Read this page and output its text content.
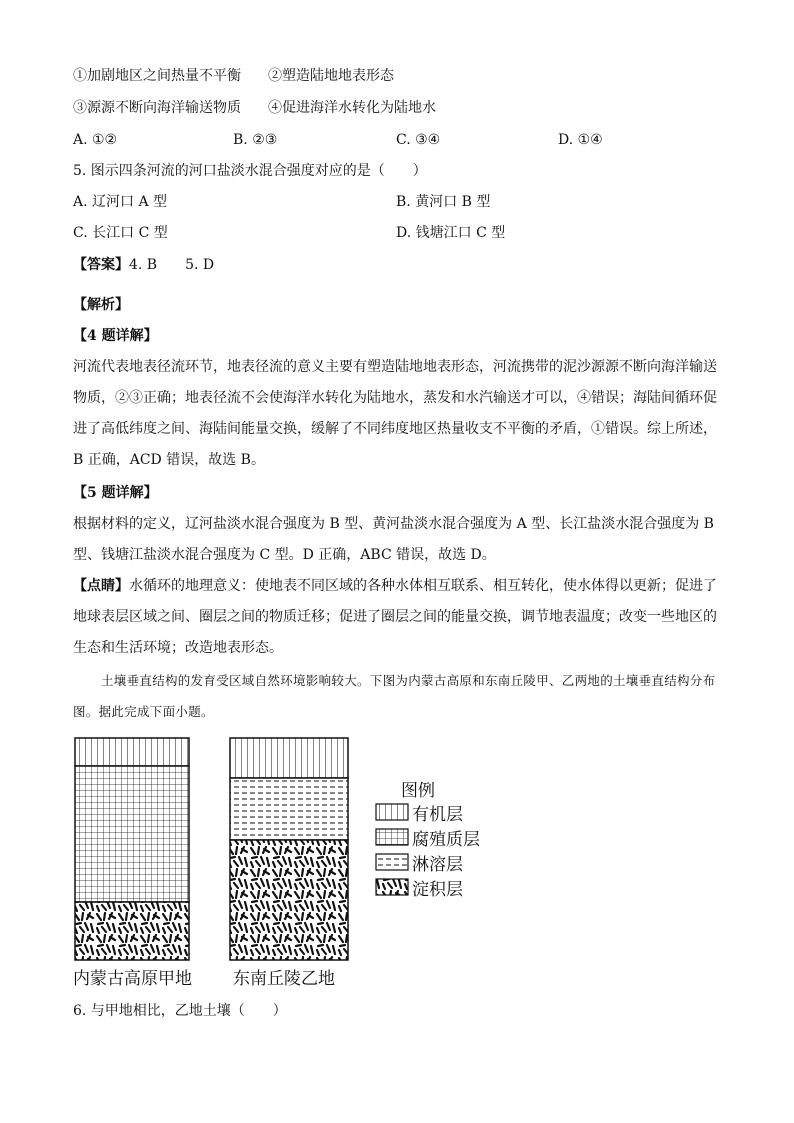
①加剧地区之间热量不平衡 ②塑造陆地地表形态
③源源不断向海洋输送物质 ④促进海洋水转化为陆地水
A. ①②	B. ②③	C. ③④	D. ①④
5. 图示四条河流的河口盐淡水混合强度对应的是（　　）
A. 辽河口 A 型	B. 黄河口 B 型
C. 长江口 C 型	D. 钱塘江口 C 型
【答案】4. B　　5. D
【解析】
【4 题详解】
河流代表地表径流环节，地表径流的意义主要有塑造陆地地表形态，河流携带的泥沙源源不断向海洋输送物质，②③正确；地表径流不会使海洋水转化为陆地水，蒸发和水汽输送才可以，④错误；海陆间循环促进了高低纬度之间、海陆间能量交换，缓解了不同纬度地区热量收支不平衡的矛盾，①错误。综上所述，B 正确，ACD 错误，故选 B。
【5 题详解】
根据材料的定义，辽河盐淡水混合强度为 B 型、黄河盐淡水混合强度为 A 型、长江盐淡水混合强度为 B 型、钱塘江盐淡水混合强度为 C 型。D 正确，ABC 错误，故选 D。
【点睛】水循环的地理意义：使地表不同区域的各种水体相互联系、相互转化，使水体得以更新；促进了地球表层区域之间、圈层之间的物质迁移；促进了圈层之间的能量交换，调节地表温度；改变一些地区的生态和生活环境；改造地表形态。
土壤垂直结构的发育受区域自然环境影响较大。下图为内蒙古高原和东南丘陵甲、乙两地的土壤垂直结构分布图。据此完成下面小题。
内蒙古高原甲地 东南丘陵乙地
图例
有机层
腐殖质层
淋溶层
淀积层
6. 与甲地相比，乙地土壤（　　）
